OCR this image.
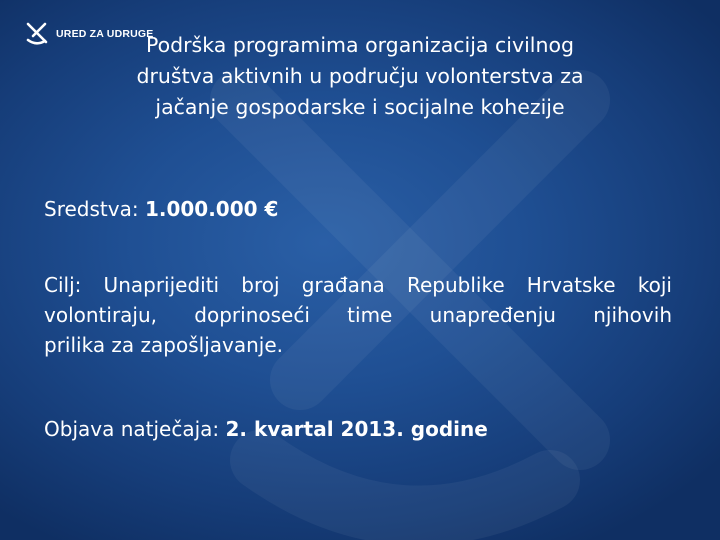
URED ZA UDRUGE
Podrška programima organizacija civilnog
društva aktivnih u području volonterstva za
jačanje gospodarske i socijalne kohezije

Sredstva: 1.000.000 €

Cilj: Unaprijediti broj građana Republike Hrvatske koji
volontiraju, doprinoseći time unapređenju njihovih
prilika za zapošljavanje.

Objava natječaja: 2. kvartal 2013. godine
